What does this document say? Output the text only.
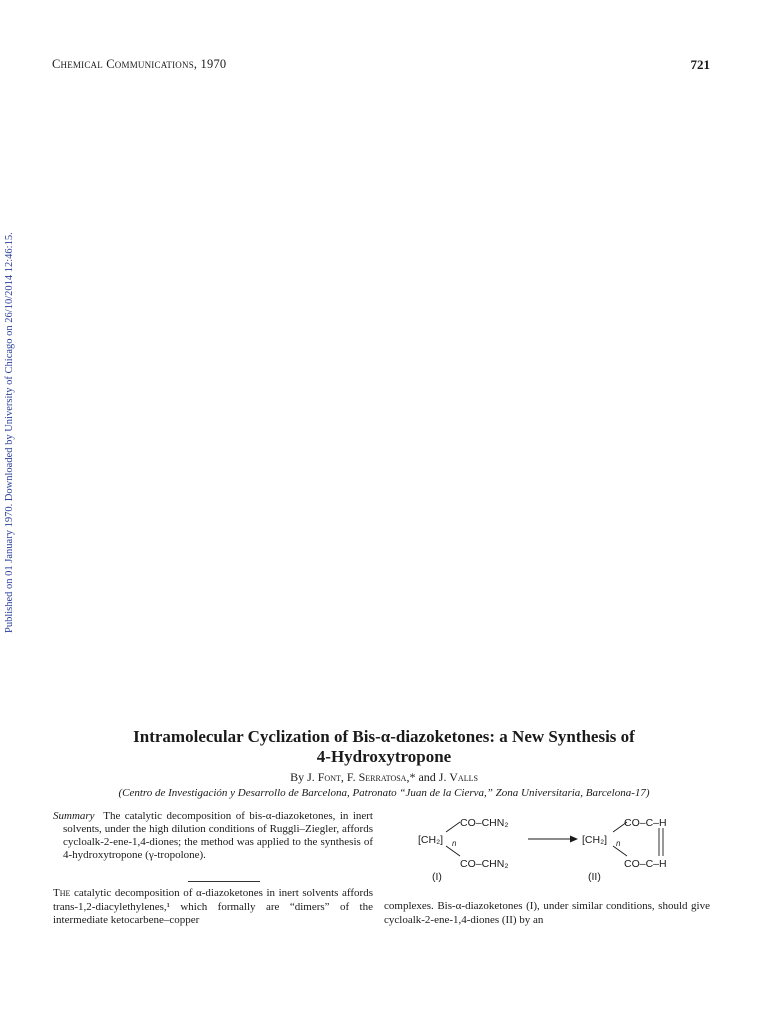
Chemical Communications, 1970	721
Published on 01 January 1970. Downloaded by University of Chicago on 26/10/2014 12:46:15.
Intramolecular Cyclization of Bis-α-diazoketones: a New Synthesis of
4-Hydroxytropone
By J. Font, F. Serratosa,* and J. Valls
(Centro de Investigación y Desarrollo de Barcelona, Patronato “Juan de la Cierva,” Zona Universitaria, Barcelona-17)

Summary The catalytic decomposition of bis-α-diazoketones, in inert solvents, under the high dilution conditions of Ruggli–Ziegler, affords cycloalk-2-ene-1,4-diones; the method was applied to the synthesis of 4-hydroxytropone (γ-tropolone).

CO–CHN₂
[CH₂] n
CO–CHN₂
(I)
CO–C–H
[CH₂] n
CO–C–H
(II)

The catalytic decomposition of α-diazoketones in inert solvents affords trans-1,2-diacylethylenes,¹ which formally are “dimers” of the intermediate ketocarbene–copper

complexes. Bis-α-diazoketones (I), under similar conditions, should give cycloalk-2-ene-1,4-diones (II) by an
